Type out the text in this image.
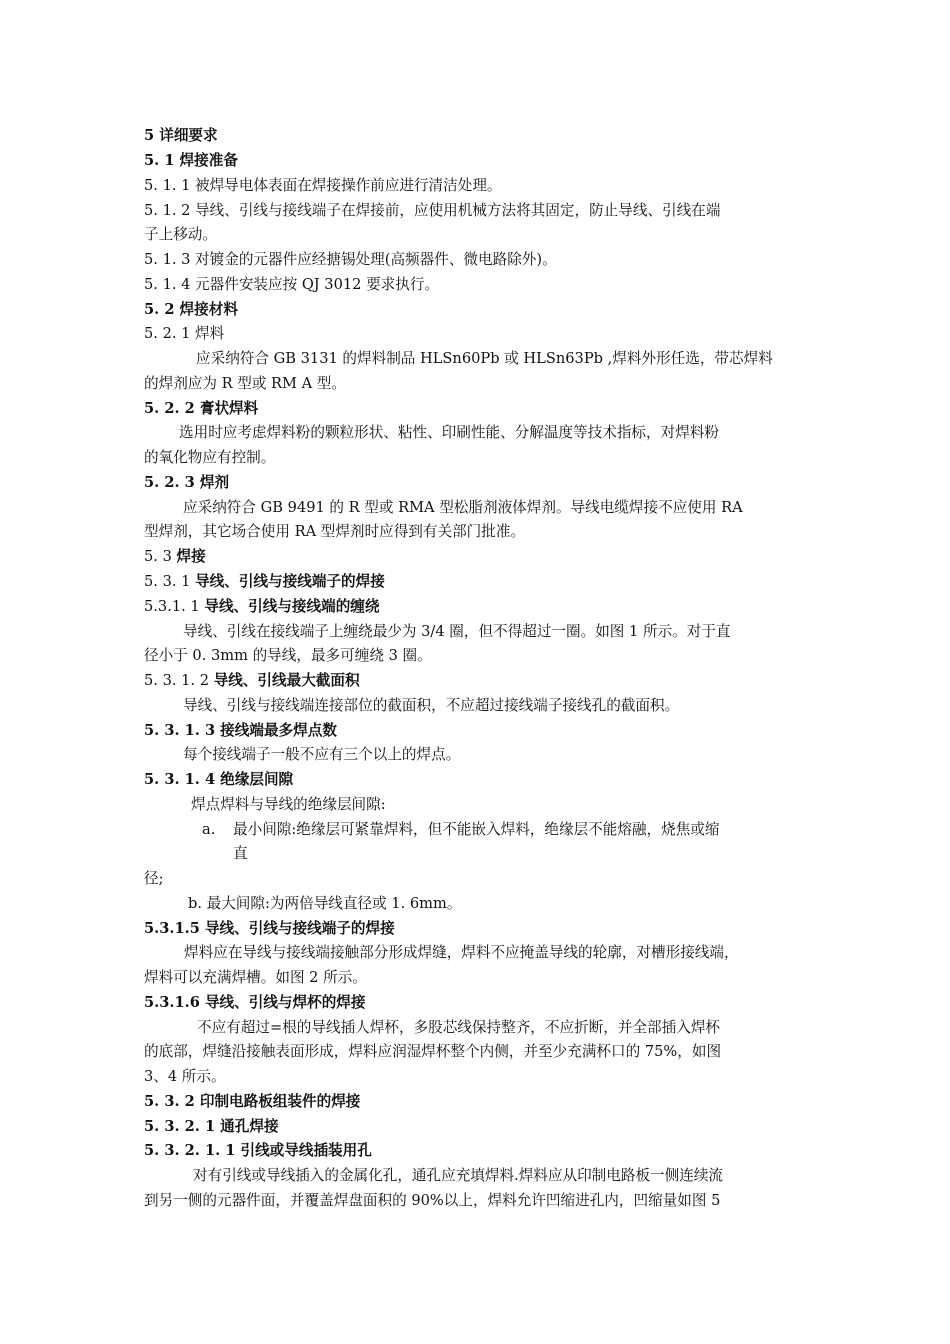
5 详细要求
5. 1 焊接准备
5. 1. 1 被焊导电体表面在焊接操作前应进行清洁处理。
5. 1. 2 导线、引线与接线端子在焊接前，应使用机械方法将其固定，防止导线、引线在端
子上移动。
5. 1. 3 对镀金的元器件应经搪锡处理(高频器件、微电路除外)。
5. 1. 4 元器件安装应按 QJ 3012 要求执行。
5. 2 焊接材料
5. 2. 1 焊料
应采纳符合 GB 3131 的焊料制品 HLSn60Pb 或 HLSn63Pb ,焊料外形任选，带芯焊料
的焊剂应为 R 型或 RM A 型。
5. 2. 2 膏状焊料
选用时应考虑焊料粉的颗粒形状、粘性、印刷性能、分解温度等技术指标，对焊料粉
的氧化物应有控制。
5. 2. 3 焊剂
应采纳符合 GB 9491 的 R 型或 RMA 型松脂剂液体焊剂。导线电缆焊接不应使用 RA
型焊剂，其它场合使用 RA 型焊剂时应得到有关部门批准。
5. 3 焊接
5. 3. 1 导线、引线与接线端子的焊接
5.3.1. 1 导线、引线与接线端的缠绕
导线、引线在接线端子上缠绕最少为 3/4 圈，但不得超过一圈。如图 1 所示。对于直
径小于 0. 3mm 的导线，最多可缠绕 3 圈。
5. 3. 1. 2 导线、引线最大截面积
导线、引线与接线端连接部位的截面积，不应超过接线端子接线孔的截面积。
5. 3. 1. 3 接线端最多焊点数
每个接线端子一般不应有三个以上的焊点。
5. 3. 1. 4 绝缘层间隙
焊点焊料与导线的绝缘层间隙:
a. 最小间隙:绝缘层可紧靠焊料，但不能嵌入焊料，绝缘层不能熔融，烧焦或缩
直
径;
b. 最大间隙:为两倍导线直径或 1. 6mm。
5.3.1.5 导线、引线与接线端子的焊接
焊料应在导线与接线端接触部分形成焊缝，焊料不应掩盖导线的轮廓，对槽形接线端，
焊料可以充满焊槽。如图 2 所示。
5.3.1.6 导线、引线与焊杯的焊接
不应有超过=根的导线插人焊杯，多股芯线保持整齐，不应折断，并全部插入焊杯
的底部，焊缝沿接触表面形成，焊料应润湿焊杯整个内侧，并至少充满杯口的 75%，如图
3、4 所示。
5. 3. 2 印制电路板组装件的焊接
5. 3. 2. 1 通孔焊接
5. 3. 2. 1. 1 引线或导线插装用孔
对有引线或导线插入的金属化孔，通孔应充填焊料.焊料应从印制电路板一侧连续流
到另一侧的元器件面，并覆盖焊盘面积的 90%以上，焊料允许凹缩进孔内，凹缩量如图 5
